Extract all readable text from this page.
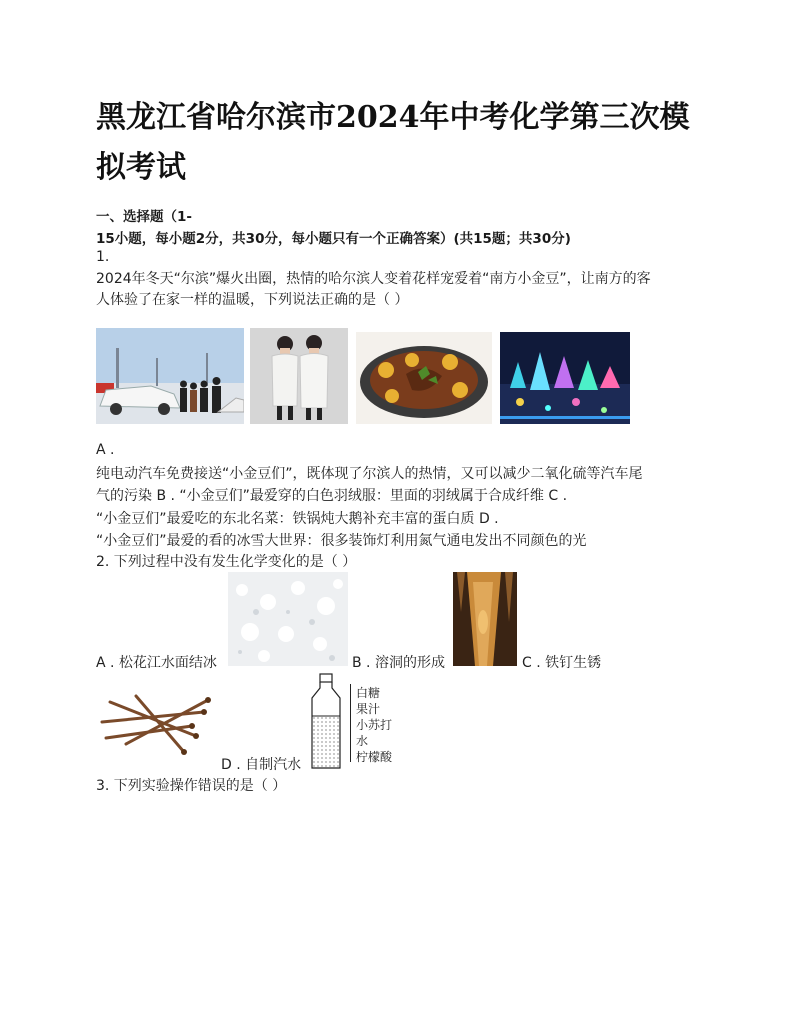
黑龙江省哈尔滨市2024年中考化学第三次模
拟考试
一、选择题（1-
15小题，每小题2分，共30分，每小题只有一个正确答案）(共15题；共30分)
1.
2024年冬天“尔滨”爆火出圈，热情的哈尔滨人变着花样宠爱着“南方小金豆”，让南方的客
人体验了在家一样的温暖，下列说法正确的是（ ）
A .
纯电动汽车免费接送“小金豆们”，既体现了尔滨人的热情，又可以减少二氧化硫等汽车尾
气的污染 B . “小金豆们”最爱穿的白色羽绒服：里面的羽绒属于合成纤维 C .
“小金豆们”最爱吃的东北名菜：铁锅炖大鹅补充丰富的蛋白质 D .
“小金豆们”最爱的看的冰雪大世界：很多装饰灯利用氮气通电发出不同颜色的光
2. 下列过程中没有发生化学变化的是（ ）
A . 松花江水面结冰	B . 溶洞的形成	C . 铁钉生锈
D . 自制汽水
白糖
果汁
小苏打
水
柠檬酸
3. 下列实验操作错误的是（ ）
